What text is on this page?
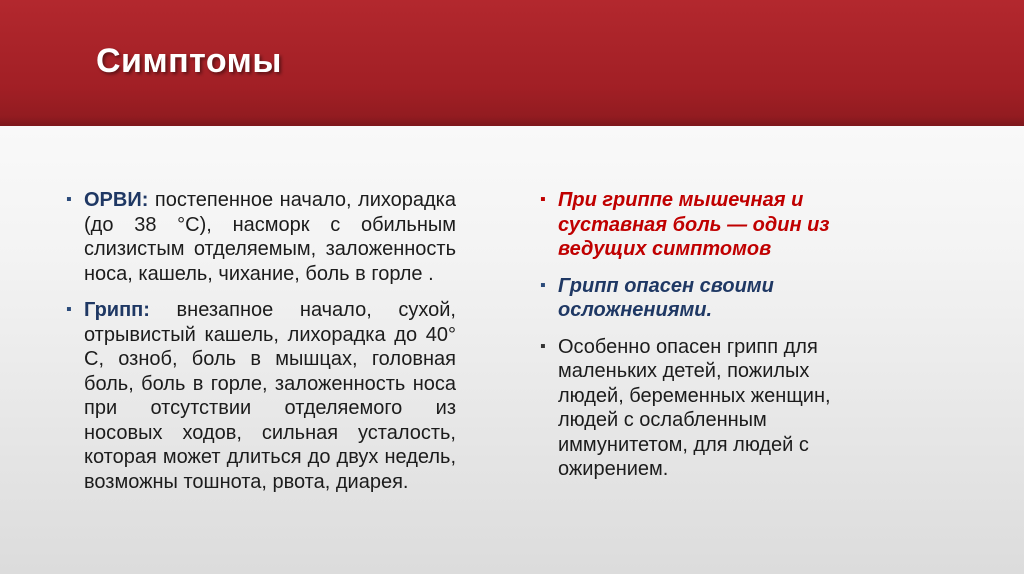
Симптомы
▪ ОРВИ: постепенное начало, лихорадка (до 38 °С), насморк с обильным слизистым отделяемым, заложенность носа, кашель, чихание, боль в горле .
▪ Грипп: внезапное начало, сухой, отрывистый кашель, лихорадка до 40° С, озноб, боль в мышцах, головная боль, боль в горле, заложенность носа при отсутствии отделяемого из носовых ходов, сильная усталость, которая может длиться до двух недель, возможны тошнота, рвота, диарея.
▪ При гриппе мышечная и суставная боль — один из ведущих симптомов
▪ Грипп опасен своими осложнениями.
▪ Особенно опасен грипп для маленьких детей, пожилых людей, беременных женщин, людей с ослабленным иммунитетом, для людей с ожирением.
